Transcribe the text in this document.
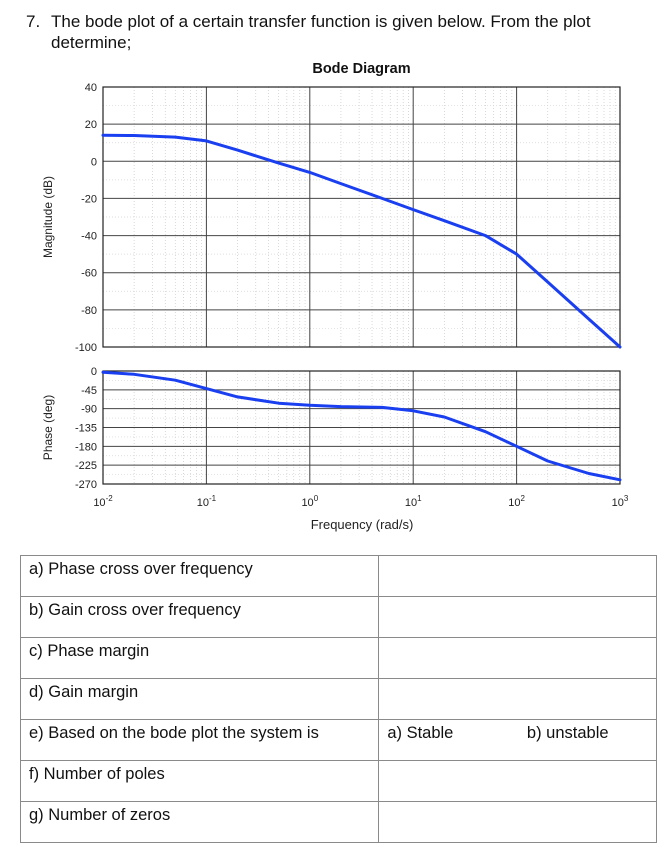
7. The bode plot of a certain transfer function is given below. From the plot determine;
Bode Diagram
40
20
0
-20
-40
-60
-80
-100
Magnitude (dB)
0
-45
-90
-135
-180
-225
-270
Phase (deg)
$10^{-2}$	$10^{-1}$	$10^0$	$10^1$	$10^2$	$10^3$
Frequency (rad/s)
a) Phase cross over frequency	
b) Gain cross over frequency	
c) Phase margin	
d) Gain margin	
e) Based on the bode plot the system is	a) Stable b) unstable
f) Number of poles	
g) Number of zeros	
